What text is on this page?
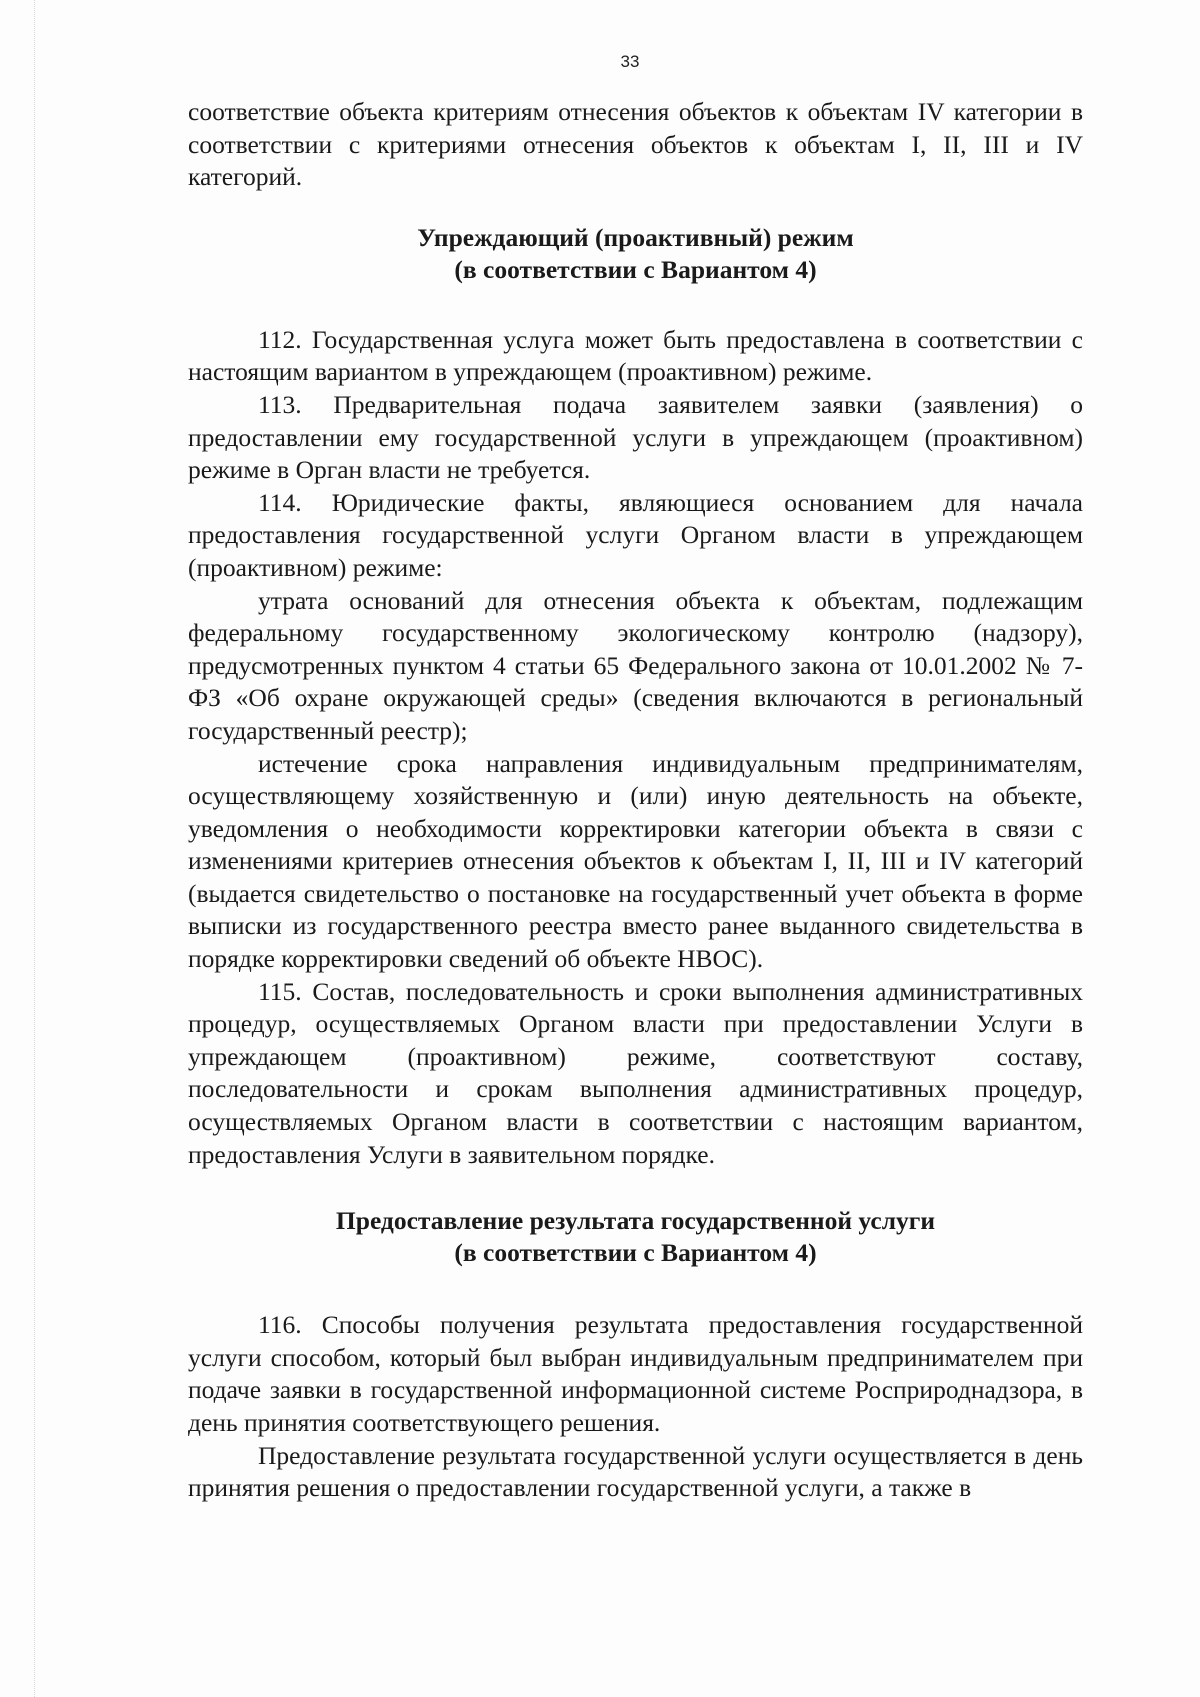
33

соответствие объекта критериям отнесения объектов к объектам IV категории в соответствии с критериями отнесения объектов к объектам I, II, III и IV категорий.

Упреждающий (проактивный) режим
(в соответствии с Вариантом 4)

112. Государственная услуга может быть предоставлена в соответствии с настоящим вариантом в упреждающем (проактивном) режиме.

113. Предварительная подача заявителем заявки (заявления) о предоставлении ему государственной услуги в упреждающем (проактивном) режиме в Орган власти не требуется.

114. Юридические факты, являющиеся основанием для начала предоставления государственной услуги Органом власти в упреждающем (проактивном) режиме:

утрата оснований для отнесения объекта к объектам, подлежащим федеральному государственному экологическому контролю (надзору), предусмотренных пунктом 4 статьи 65 Федерального закона от 10.01.2002 № 7-ФЗ «Об охране окружающей среды» (сведения включаются в региональный государственный реестр);

истечение срока направления индивидуальным предпринимателям, осуществляющему хозяйственную и (или) иную деятельность на объекте, уведомления о необходимости корректировки категории объекта в связи с изменениями критериев отнесения объектов к объектам I, II, III и IV категорий (выдается свидетельство о постановке на государственный учет объекта в форме выписки из государственного реестра вместо ранее выданного свидетельства в порядке корректировки сведений об объекте НВОС).

115. Состав, последовательность и сроки выполнения административных процедур, осуществляемых Органом власти при предоставлении Услуги в упреждающем (проактивном) режиме, соответствуют составу, последовательности и срокам выполнения административных процедур, осуществляемых Органом власти в соответствии с настоящим вариантом, предоставления Услуги в заявительном порядке.

Предоставление результата государственной услуги
(в соответствии с Вариантом 4)

116. Способы получения результата предоставления государственной услуги способом, который был выбран индивидуальным предпринимателем при подаче заявки в государственной информационной системе Росприроднадзора, в день принятия соответствующего решения.

Предоставление результата государственной услуги осуществляется в день принятия решения о предоставлении государственной услуги, а также в
